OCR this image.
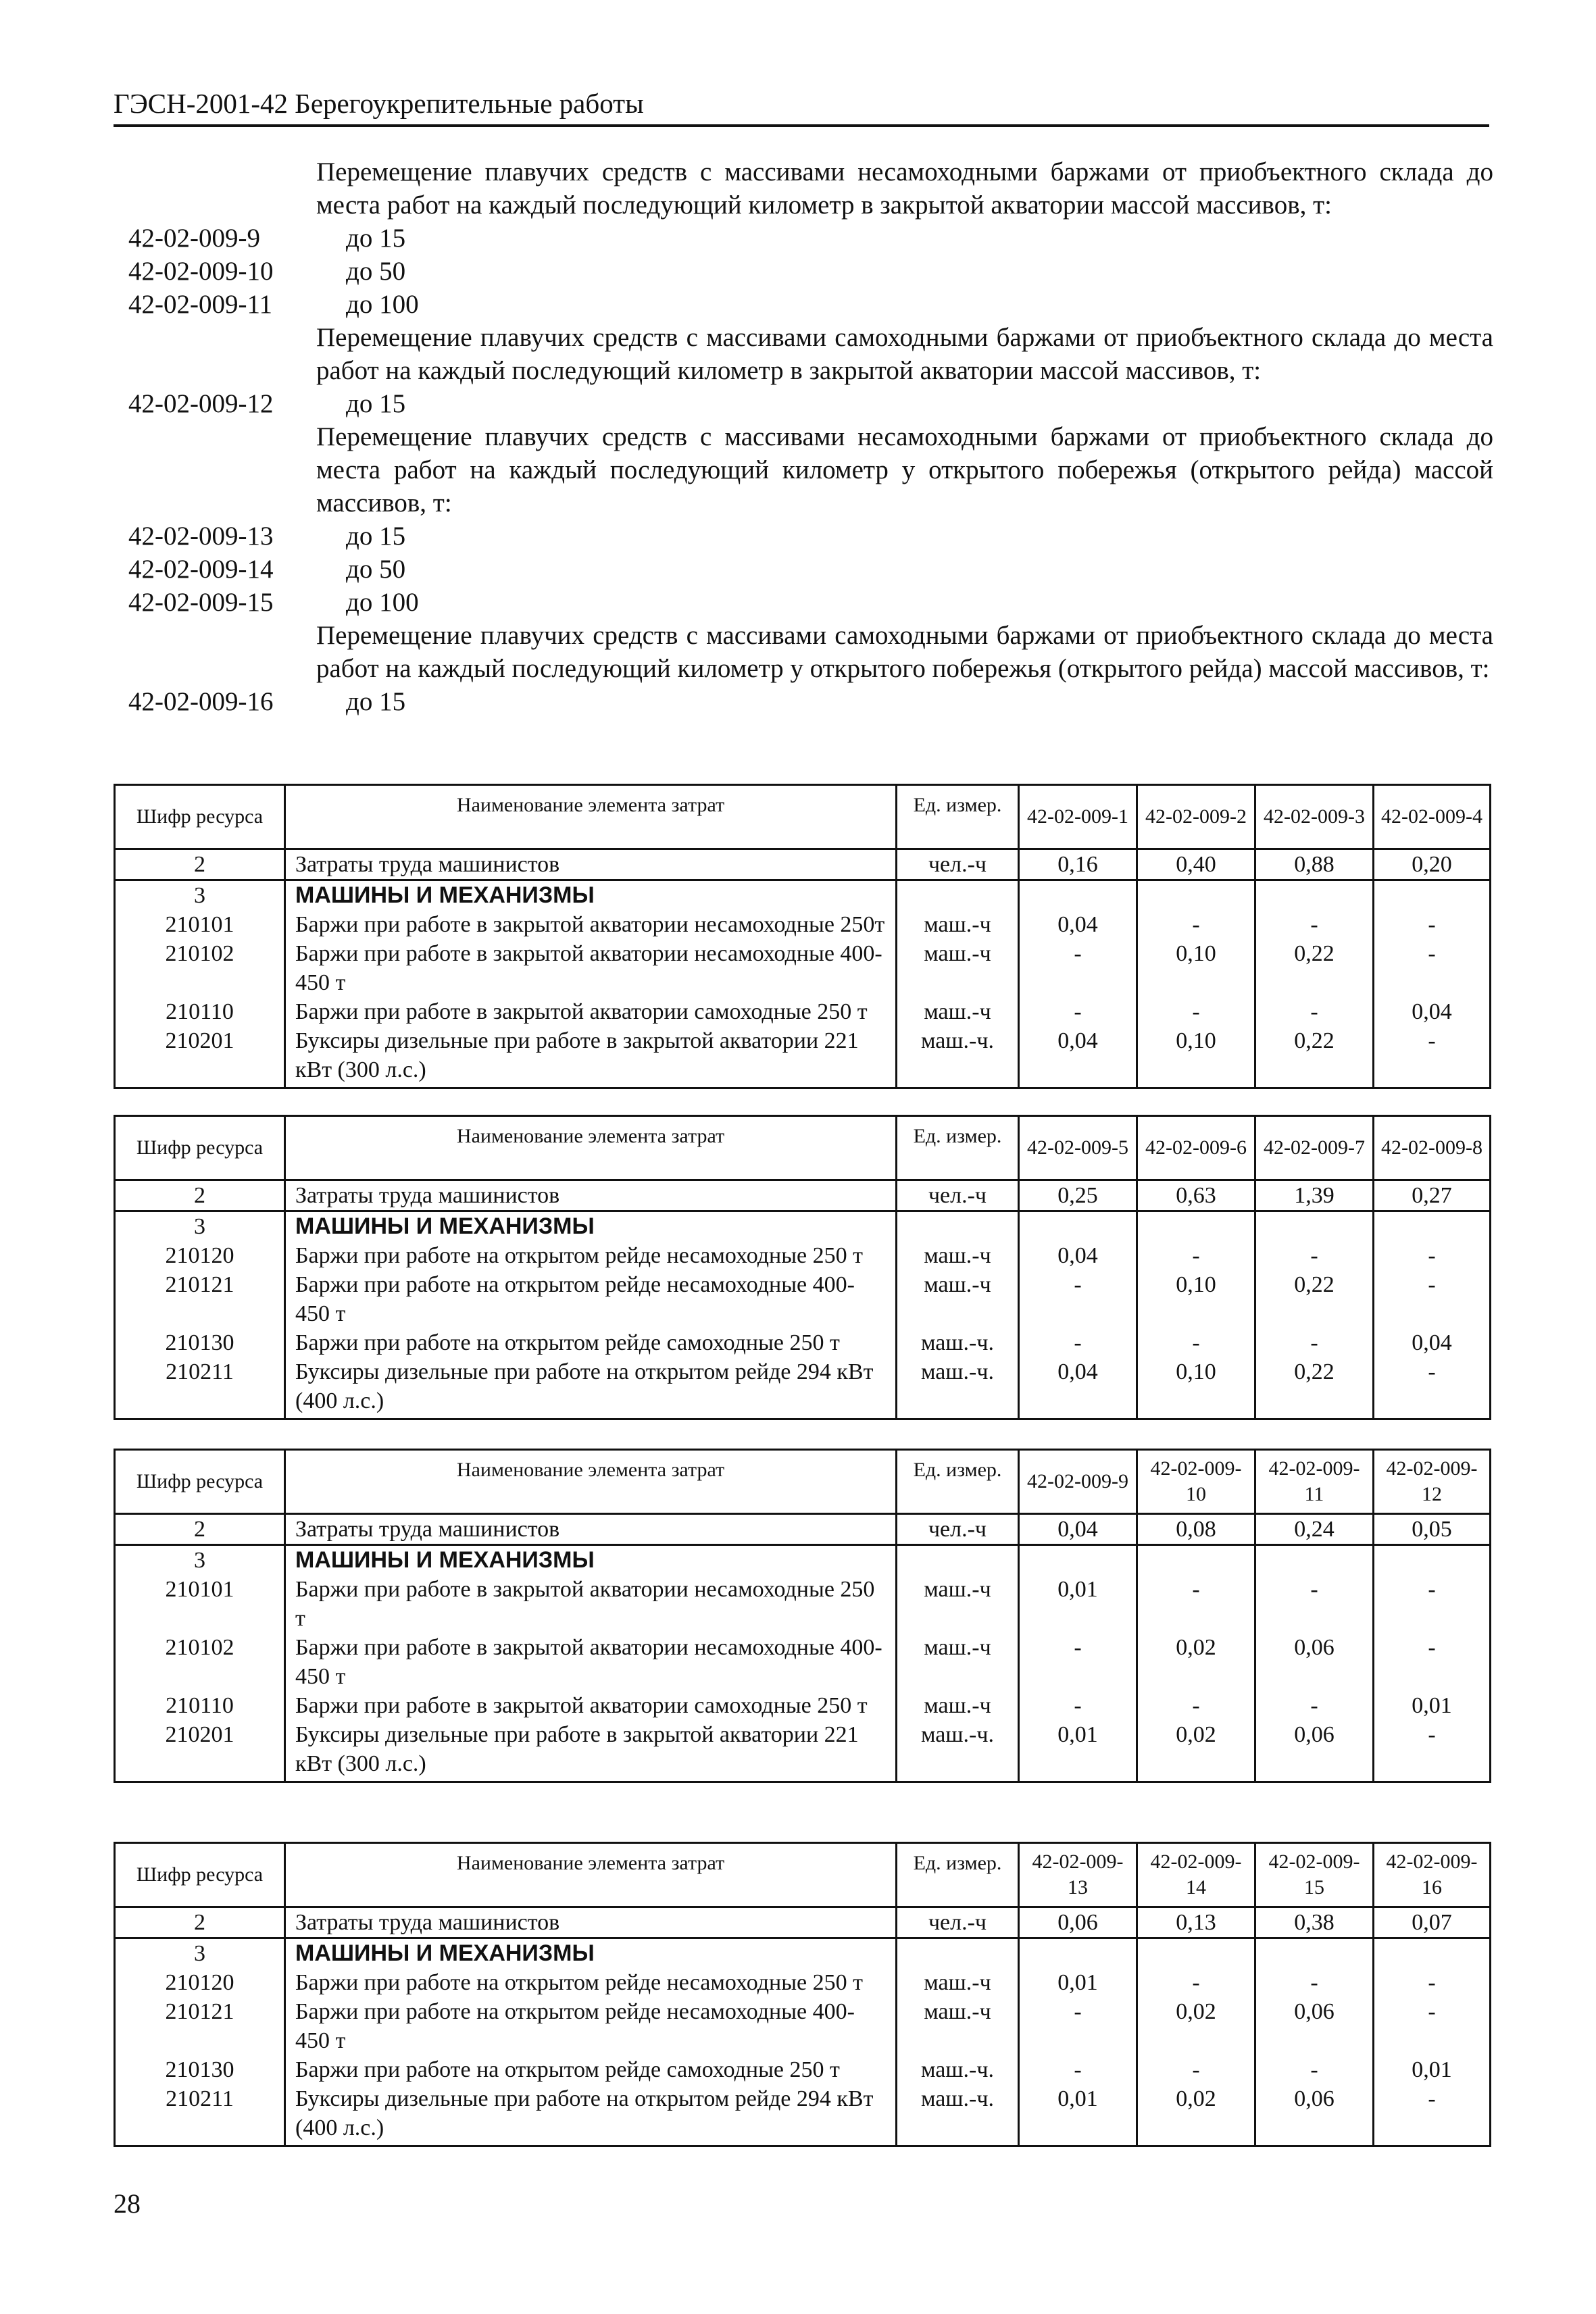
ГЭСН-2001-42 Берегоукрепительные работы
Перемещение плавучих средств с массивами несамоходными баржами от приобъектного склада до места работ на каждый последующий километр в закрытой акватории массой массивов, т:
42-02-009-9	до 15
42-02-009-10	до 50
42-02-009-11	до 100
Перемещение плавучих средств с массивами самоходными баржами от приобъектного склада до места работ на каждый последующий километр в закрытой акватории массой массивов, т:
42-02-009-12	до 15
Перемещение плавучих средств с массивами несамоходными баржами от приобъектного склада до места работ на каждый последующий километр у открытого побережья (открытого рейда) массой массивов, т:
42-02-009-13	до 15
42-02-009-14	до 50
42-02-009-15	до 100
Перемещение плавучих средств с массивами самоходными баржами от приобъектного склада до места работ на каждый последующий километр у открытого побережья (открытого рейда) массой массивов, т:
42-02-009-16	до 15
Шифр ресурса	Наименование элемента затрат	Ед. измер.	42-02-009-1	42-02-009-2	42-02-009-3	42-02-009-4
2	Затраты труда машинистов	чел.-ч	0,16	0,40	0,88	0,20
3	МАШИНЫ И МЕХАНИЗМЫ					
210101	Баржи при работе в закрытой акватории несамоходные 250т	маш.-ч	0,04	-	-	-
210102	Баржи при работе в закрытой акватории несамоходные 400-450 т	маш.-ч	-	0,10	0,22	-
210110	Баржи при работе в закрытой акватории самоходные 250 т	маш.-ч	-	-	-	0,04
210201	Буксиры дизельные при работе в закрытой акватории 221 кВт (300 л.с.)	маш.-ч.	0,04	0,10	0,22	-
Шифр ресурса	Наименование элемента затрат	Ед. измер.	42-02-009-5	42-02-009-6	42-02-009-7	42-02-009-8
2	Затраты труда машинистов	чел.-ч	0,25	0,63	1,39	0,27
3	МАШИНЫ И МЕХАНИЗМЫ					
210120	Баржи при работе на открытом рейде несамоходные 250 т	маш.-ч	0,04	-	-	-
210121	Баржи при работе на открытом рейде несамоходные 400-450 т	маш.-ч	-	0,10	0,22	-
210130	Баржи при работе на открытом рейде самоходные 250 т	маш.-ч.	-	-	-	0,04
210211	Буксиры дизельные при работе на открытом рейде 294 кВт (400 л.с.)	маш.-ч.	0,04	0,10	0,22	-
Шифр ресурса	Наименование элемента затрат	Ед. измер.	42-02-009-9	42-02-009-10	42-02-009-11	42-02-009-12
2	Затраты труда машинистов	чел.-ч	0,04	0,08	0,24	0,05
3	МАШИНЫ И МЕХАНИЗМЫ					
210101	Баржи при работе в закрытой акватории несамоходные 250 т	маш.-ч	0,01	-	-	-
210102	Баржи при работе в закрытой акватории несамоходные 400-450 т	маш.-ч	-	0,02	0,06	-
210110	Баржи при работе в закрытой акватории самоходные 250 т	маш.-ч	-	-	-	0,01
210201	Буксиры дизельные при работе в закрытой акватории 221 кВт (300 л.с.)	маш.-ч.	0,01	0,02	0,06	-
Шифр ресурса	Наименование элемента затрат	Ед. измер.	42-02-009-13	42-02-009-14	42-02-009-15	42-02-009-16
2	Затраты труда машинистов	чел.-ч	0,06	0,13	0,38	0,07
3	МАШИНЫ И МЕХАНИЗМЫ					
210120	Баржи при работе на открытом рейде несамоходные 250 т	маш.-ч	0,01	-	-	-
210121	Баржи при работе на открытом рейде несамоходные 400-450 т	маш.-ч	-	0,02	0,06	-
210130	Баржи при работе на открытом рейде самоходные 250 т	маш.-ч.	-	-	-	0,01
210211	Буксиры дизельные при работе на открытом рейде 294 кВт (400 л.с.)	маш.-ч.	0,01	0,02	0,06	-
28
